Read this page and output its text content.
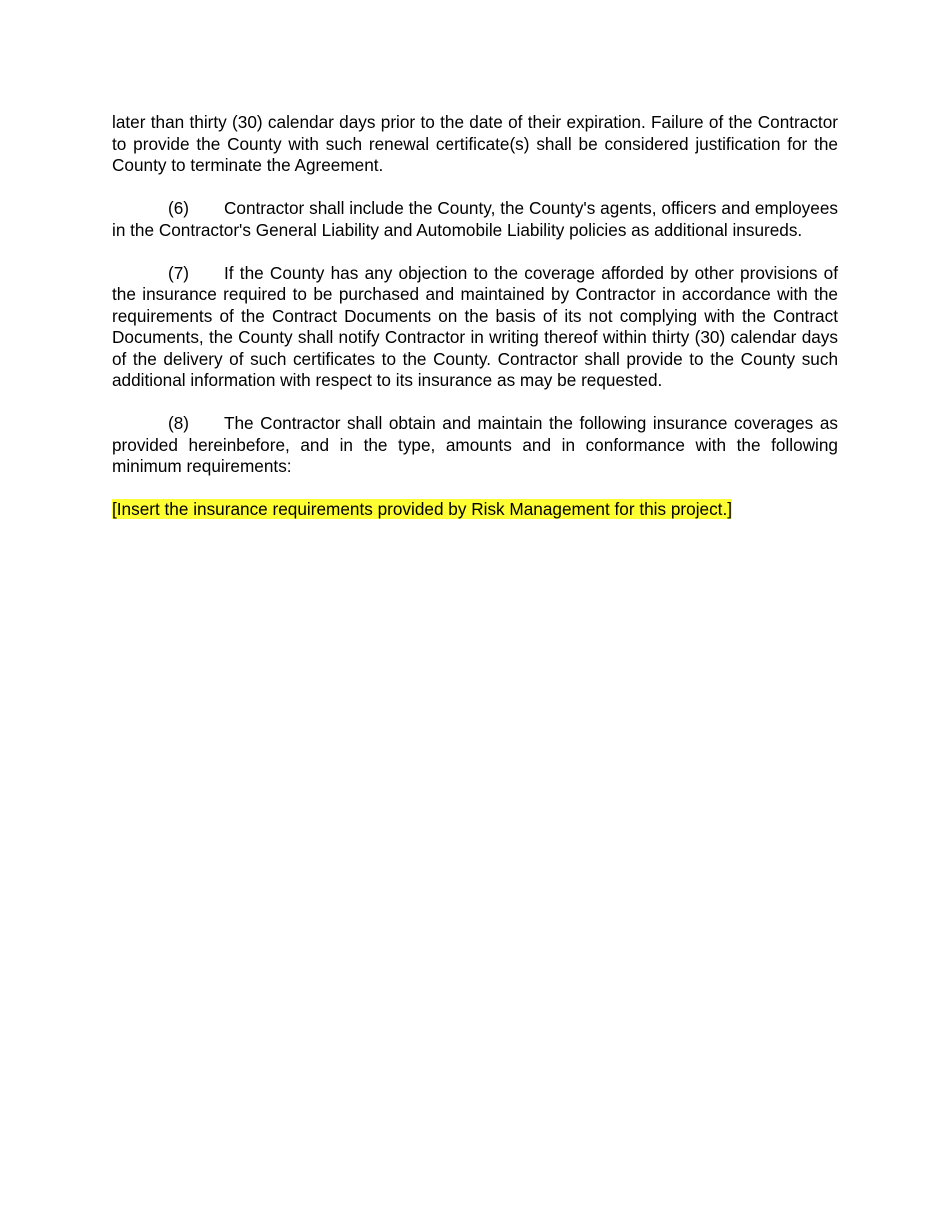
later than thirty (30) calendar days prior to the date of their expiration. Failure of the Contractor to provide the County with such renewal certificate(s) shall be considered justification for the County to terminate the Agreement.

(6) Contractor shall include the County, the County's agents, officers and employees in the Contractor's General Liability and Automobile Liability policies as additional insureds.

(7) If the County has any objection to the coverage afforded by other provisions of the insurance required to be purchased and maintained by Contractor in accordance with the requirements of the Contract Documents on the basis of its not complying with the Contract Documents, the County shall notify Contractor in writing thereof within thirty (30) calendar days of the delivery of such certificates to the County. Contractor shall provide to the County such additional information with respect to its insurance as may be requested.

(8) The Contractor shall obtain and maintain the following insurance coverages as provided hereinbefore, and in the type, amounts and in conformance with the following minimum requirements:

[Insert the insurance requirements provided by Risk Management for this project.]
